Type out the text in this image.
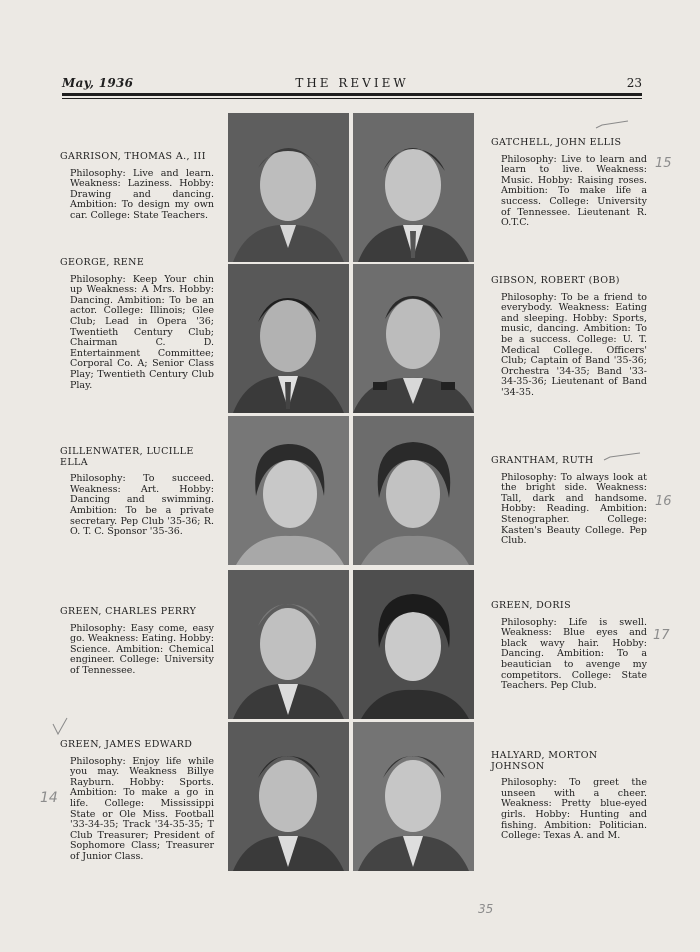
May, 1936	THE REVIEW	23
GARRISON, THOMAS A., III
Philosophy: Live and learn. Weakness: Laziness. Hobby: Drawing and dancing. Ambition: To design my own car. College: State Teachers.
GEORGE, RENE
Philosophy: Keep Your chin up Weakness: A Mrs. Hobby: Dancing. Ambition: To be an actor. College: Illinois; Glee Club; Lead in Opera '36; Twentieth Century Club; Chairman C. D. Entertainment Committee; Corporal Co. A; Senior Class Play; Twentieth Century Club Play.
GILLENWATER, LUCILLE ELLA
Philosophy: To succeed. Weakness: Art. Hobby: Dancing and swimming. Ambition: To be a private secretary. Pep Club '35-36; R. O. T. C. Sponsor '35-36.
GREEN, CHARLES PERRY
Philosophy: Easy come, easy go. Weakness: Eating. Hobby: Science. Ambition: Chemical engineer. College: University of Tennessee.
GREEN, JAMES EDWARD
Philosophy: Enjoy life while you may. Weakness Billye Rayburn. Hobby: Sports. Ambition: To make a go in life. College: Mississippi State or Ole Miss. Football '33-34-35; Track '34-35-35; T Club Treasurer; President of Sophomore Class; Treasurer of Junior Class.
GATCHELL, JOHN ELLIS
Philosophy: Live to learn and learn to live. Weakness: Music. Hobby: Raising roses. Ambition: To make life a success. College: University of Tennessee. Lieutenant R. O.T.C.
GIBSON, ROBERT (BOB)
Philosophy: To be a friend to everybody. Weakness: Eating and sleeping. Hobby: Sports, music, dancing. Ambition: To be a success. College: U. T. Medical College. Officers' Club; Captain of Band '35-36; Orchestra '34-35; Band '33-34-35-36; Lieutenant of Band '34-35.
GRANTHAM, RUTH
Philosophy: To always look at the bright side. Weakness: Tall, dark and handsome. Hobby: Reading. Ambition: Stenographer. College: Kasten's Beauty College. Pep Club.
GREEN, DORIS
Philosophy: Life is swell. Weakness: Blue eyes and black wavy hair. Hobby: Dancing. Ambition: To a beautician to avenge my competitors. College: State Teachers. Pep Club.
HALYARD, MORTON JOHNSON
Philosophy: To greet the unseen with a cheer. Weakness: Pretty blue-eyed girls. Hobby: Hunting and fishing. Ambition: Politician. College: Texas A. and M.
15
16
17
14
35
